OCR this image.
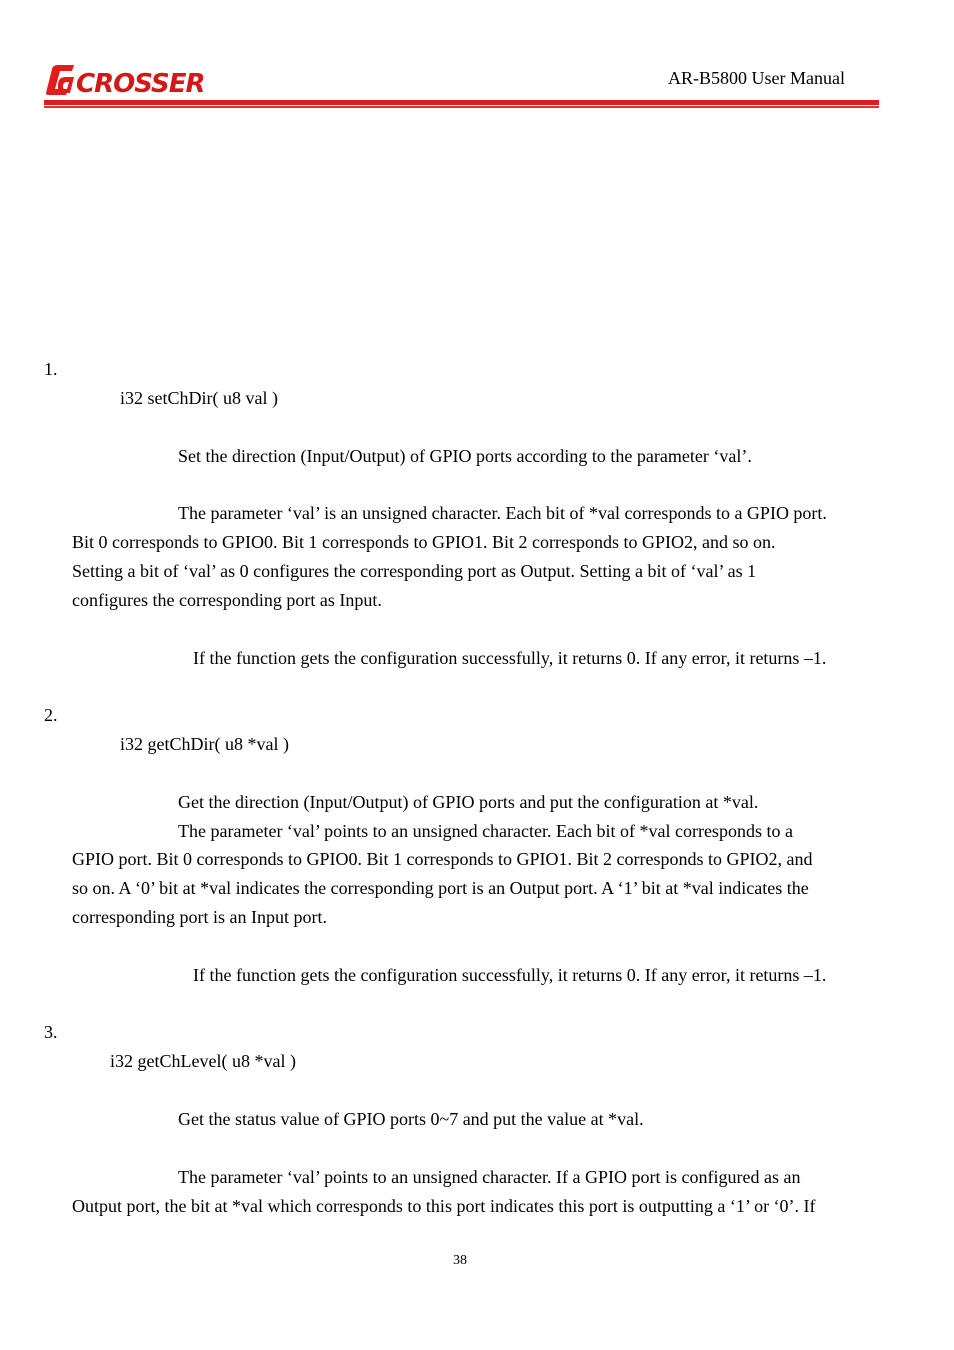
CROSSER	AR-B5800 User Manual
1.
i32 setChDir( u8 val )
Set the direction (Input/Output) of GPIO ports according to the parameter ‘val’.
The parameter ‘val’ is an unsigned character. Each bit of *val corresponds to a GPIO port.
Bit 0 corresponds to GPIO0. Bit 1 corresponds to GPIO1. Bit 2 corresponds to GPIO2, and so on.
Setting a bit of ‘val’ as 0 configures the corresponding port as Output. Setting a bit of ‘val’ as 1
configures the corresponding port as Input.
If the function gets the configuration successfully, it returns 0. If any error, it returns –1.
2.
i32 getChDir( u8 *val )
Get the direction (Input/Output) of GPIO ports and put the configuration at *val.
The parameter ‘val’ points to an unsigned character. Each bit of *val corresponds to a
GPIO port. Bit 0 corresponds to GPIO0. Bit 1 corresponds to GPIO1. Bit 2 corresponds to GPIO2, and
so on. A ‘0’ bit at *val indicates the corresponding port is an Output port. A ‘1’ bit at *val indicates the
corresponding port is an Input port.
If the function gets the configuration successfully, it returns 0. If any error, it returns –1.
3.
i32 getChLevel( u8 *val )
Get the status value of GPIO ports 0~7 and put the value at *val.
The parameter ‘val’ points to an unsigned character. If a GPIO port is configured as an
Output port, the bit at *val which corresponds to this port indicates this port is outputting a ‘1’ or ‘0’. If
38
